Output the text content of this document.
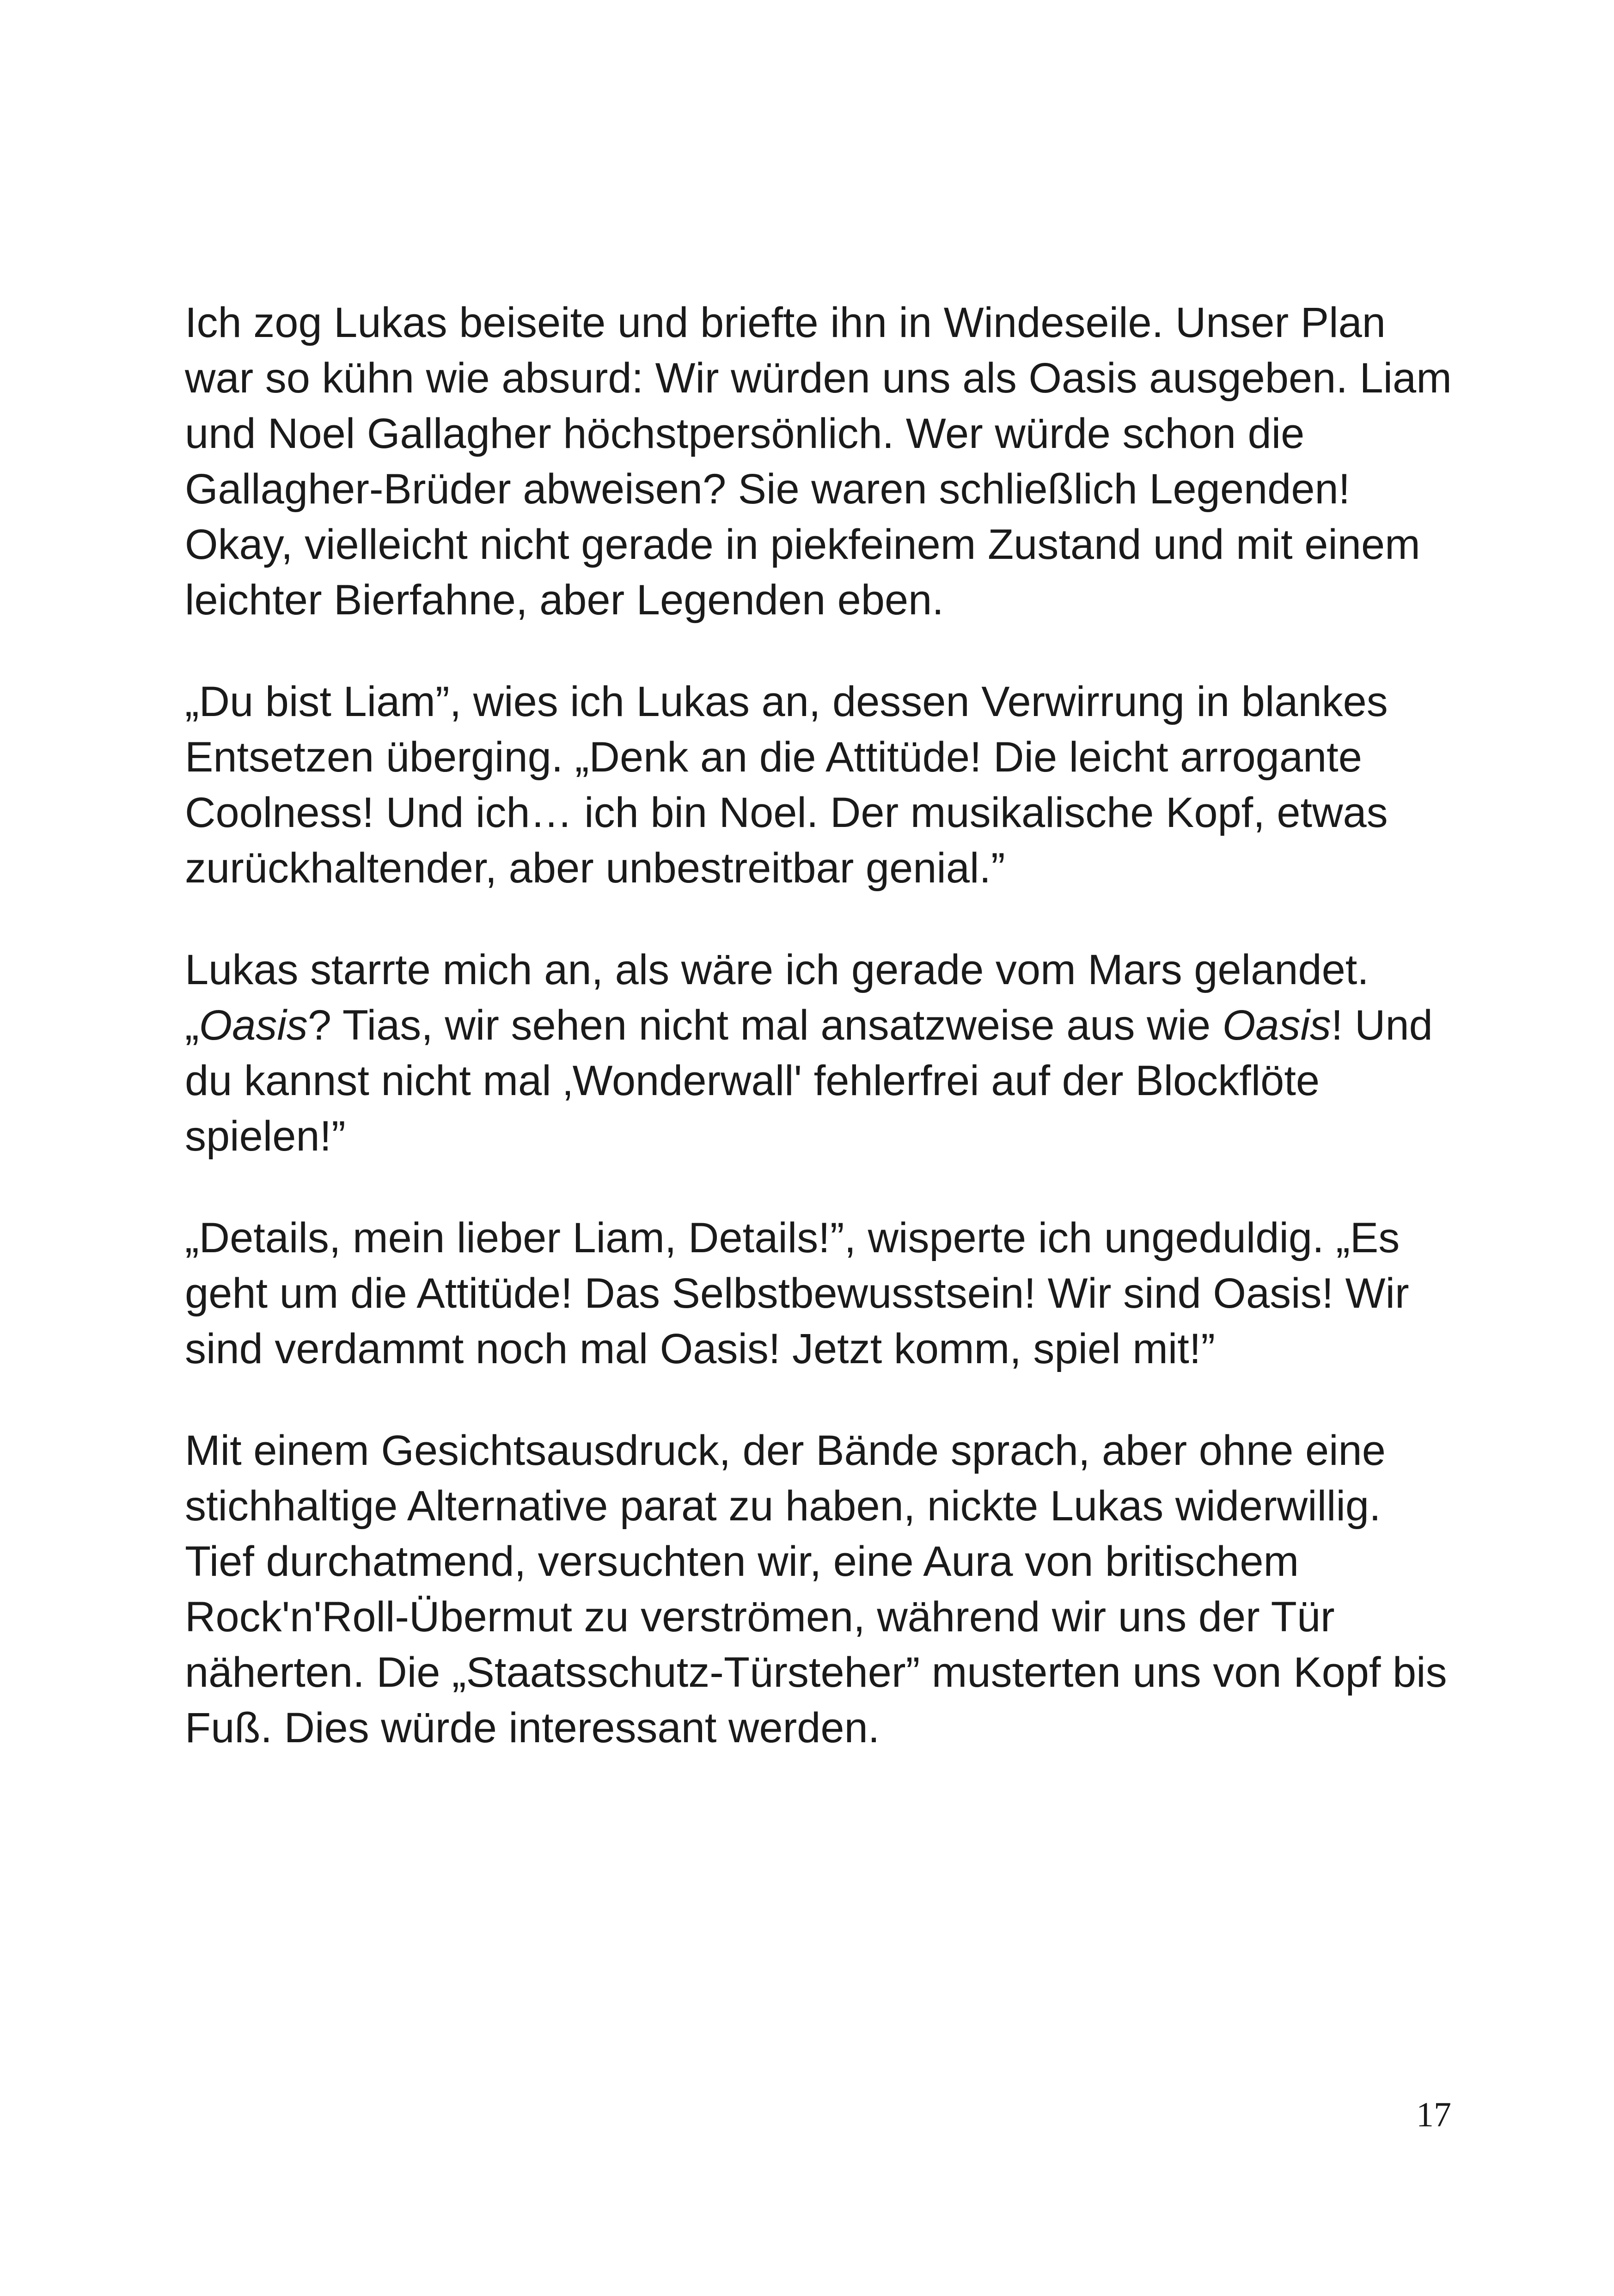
Ich zog Lukas beiseite und briefte ihn in Windeseile. Unser Plan
war so kühn wie absurd: Wir würden uns als Oasis ausgeben. Liam
und Noel Gallagher höchstpersönlich. Wer würde schon die
Gallagher-Brüder abweisen? Sie waren schließlich Legenden!
Okay, vielleicht nicht gerade in piekfeinem Zustand und mit einem
leichter Bierfahne, aber Legenden eben.

„Du bist Liam”, wies ich Lukas an, dessen Verwirrung in blankes
Entsetzen überging. „Denk an die Attitüde! Die leicht arrogante
Coolness! Und ich… ich bin Noel. Der musikalische Kopf, etwas
zurückhaltender, aber unbestreitbar genial.”

Lukas starrte mich an, als wäre ich gerade vom Mars gelandet.
„Oasis? Tias, wir sehen nicht mal ansatzweise aus wie Oasis! Und
du kannst nicht mal ‚Wonderwall' fehlerfrei auf der Blockflöte
spielen!”

„Details, mein lieber Liam, Details!”, wisperte ich ungeduldig. „Es
geht um die Attitüde! Das Selbstbewusstsein! Wir sind Oasis! Wir
sind verdammt noch mal Oasis! Jetzt komm, spiel mit!”

Mit einem Gesichtsausdruck, der Bände sprach, aber ohne eine
stichhaltige Alternative parat zu haben, nickte Lukas widerwillig.
Tief durchatmend, versuchten wir, eine Aura von britischem
Rock'n'Roll-Übermut zu verströmen, während wir uns der Tür
näherten. Die „Staatsschutz-Türsteher” musterten uns von Kopf bis
Fuß. Dies würde interessant werden.

17
